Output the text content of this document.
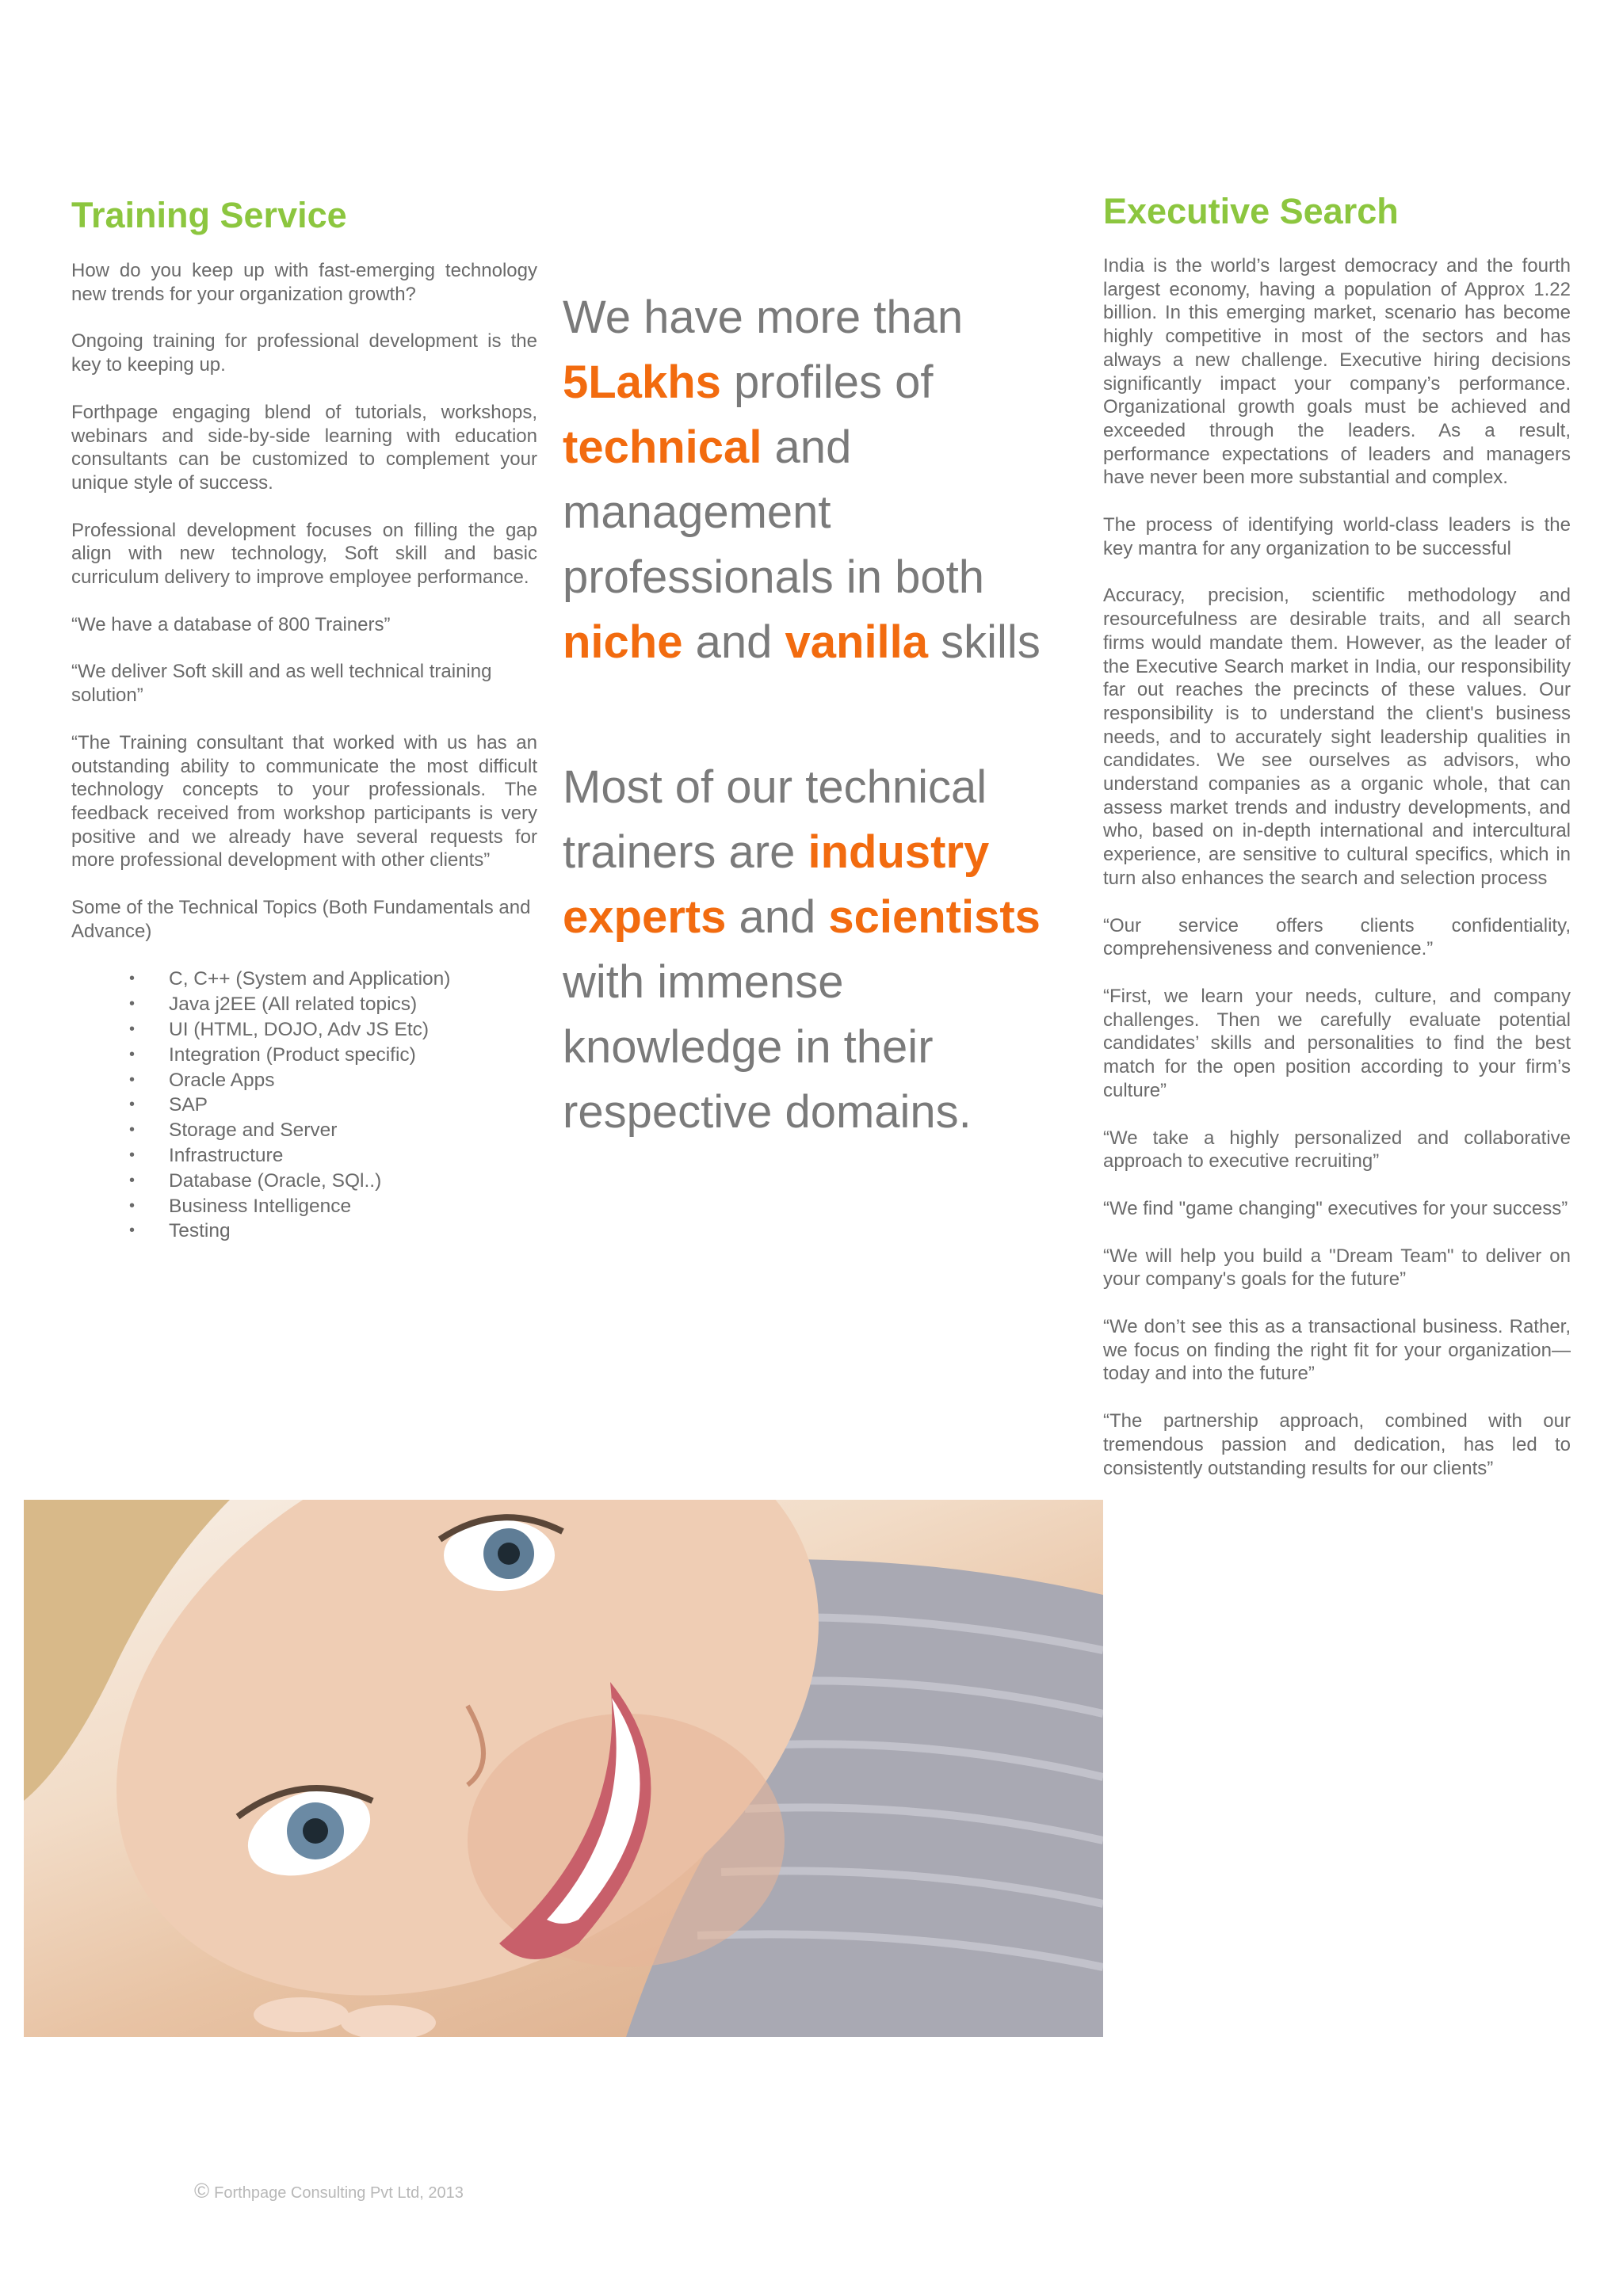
Training Service

How do you keep up with fast-emerging technology new trends for your organization growth?

Ongoing training for professional development is the key to keeping up.

Forthpage engaging blend of tutorials, workshops, webinars and side-by-side learning with education consultants can be customized to complement your unique style of success.

Professional development focuses on filling the gap align with new technology, Soft skill and basic curriculum delivery to improve employee performance.

“We have a database of 800 Trainers”

“We deliver Soft skill and as well technical training solution”

“The Training consultant that worked with us has an outstanding ability to communicate the most difficult technology concepts to your professionals. The feedback received from workshop participants is very positive and we already have several requests for more professional development with other clients”

Some of the Technical Topics (Both Fundamentals and Advance)

• C, C++ (System and Application)
• Java j2EE (All related topics)
• UI (HTML, DOJO, Adv JS Etc)
• Integration (Product specific)
• Oracle Apps
• SAP
• Storage and Server
• Infrastructure
• Database (Oracle, SQl..)
• Business Intelligence
• Testing

We have more than 5Lakhs profiles of technical and management professionals in both niche and vanilla skills

Most of our technical trainers are industry experts and scientists with immense knowledge in their respective domains.

Executive Search

India is the world’s largest democracy and the fourth largest economy, having a population of Approx 1.22 billion. In this emerging market, scenario has become highly competitive in most of the sectors and has always a new challenge. Executive hiring decisions significantly impact your company’s performance. Organizational growth goals must be achieved and exceeded through the leaders. As a result, performance expectations of leaders and managers have never been more substantial and complex.

The process of identifying world-class leaders is the key mantra for any organization to be successful

Accuracy, precision, scientific methodology and resourcefulness are desirable traits, and all search firms would mandate them. However, as the leader of the Executive Search market in India, our responsibility far out reaches the precincts of these values. Our responsibility is to understand the client's business needs, and to accurately sight leadership qualities in candidates. We see ourselves as advisors, who understand companies as a organic whole, that can assess market trends and industry developments, and who, based on in-depth international and intercultural experience, are sensitive to cultural specifics, which in turn also enhances the search and selection process

“Our service offers clients confidentiality, comprehensiveness and convenience.”

“First, we learn your needs, culture, and company challenges. Then we carefully evaluate potential candidates’ skills and personalities to find the best match for the open position according to your firm’s culture”

“We take a highly personalized and collaborative approach to executive recruiting”

“We find "game changing" executives for your success”

“We will help you build a "Dream Team" to deliver on your company's goals for the future”

“We don’t see this as a transactional business. Rather, we focus on finding the right fit for your organization—today and into the future”

“The partnership approach, combined with our tremendous passion and dedication, has led to consistently outstanding results for our clients”

© Forthpage Consulting Pvt Ltd, 2013
